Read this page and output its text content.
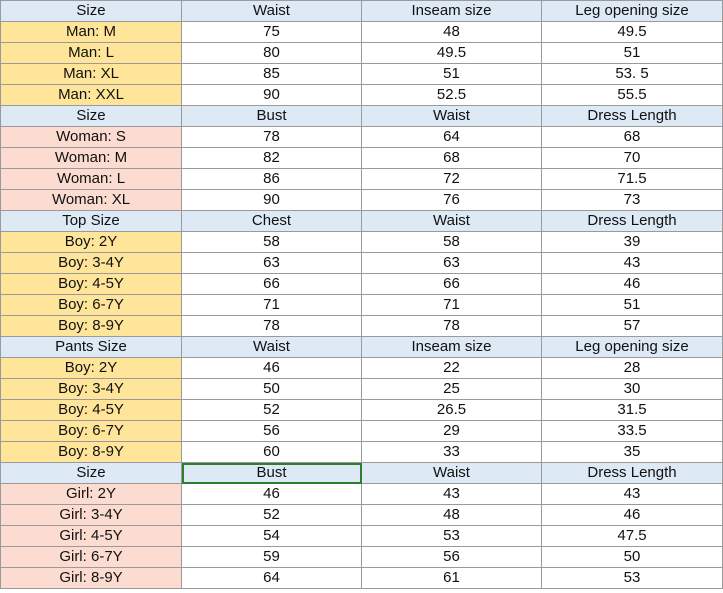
Size	Waist	Inseam size	Leg opening size
Man: M	75	48	49.5
Man: L	80	49.5	51
Man: XL	85	51	53. 5
Man: XXL	90	52.5	55.5
Size	Bust	Waist	Dress Length
Woman: S	78	64	68
Woman: M	82	68	70
Woman: L	86	72	71.5
Woman: XL	90	76	73
Top Size	Chest	Waist	Dress Length
Boy: 2Y	58	58	39
Boy: 3-4Y	63	63	43
Boy: 4-5Y	66	66	46
Boy: 6-7Y	71	71	51
Boy: 8-9Y	78	78	57
Pants Size	Waist	Inseam size	Leg opening size
Boy: 2Y	46	22	28
Boy: 3-4Y	50	25	30
Boy: 4-5Y	52	26.5	31.5
Boy: 6-7Y	56	29	33.5
Boy: 8-9Y	60	33	35
Size	Bust	Waist	Dress Length
Girl: 2Y	46	43	43
Girl: 3-4Y	52	48	46
Girl: 4-5Y	54	53	47.5
Girl: 6-7Y	59	56	50
Girl: 8-9Y	64	61	53
